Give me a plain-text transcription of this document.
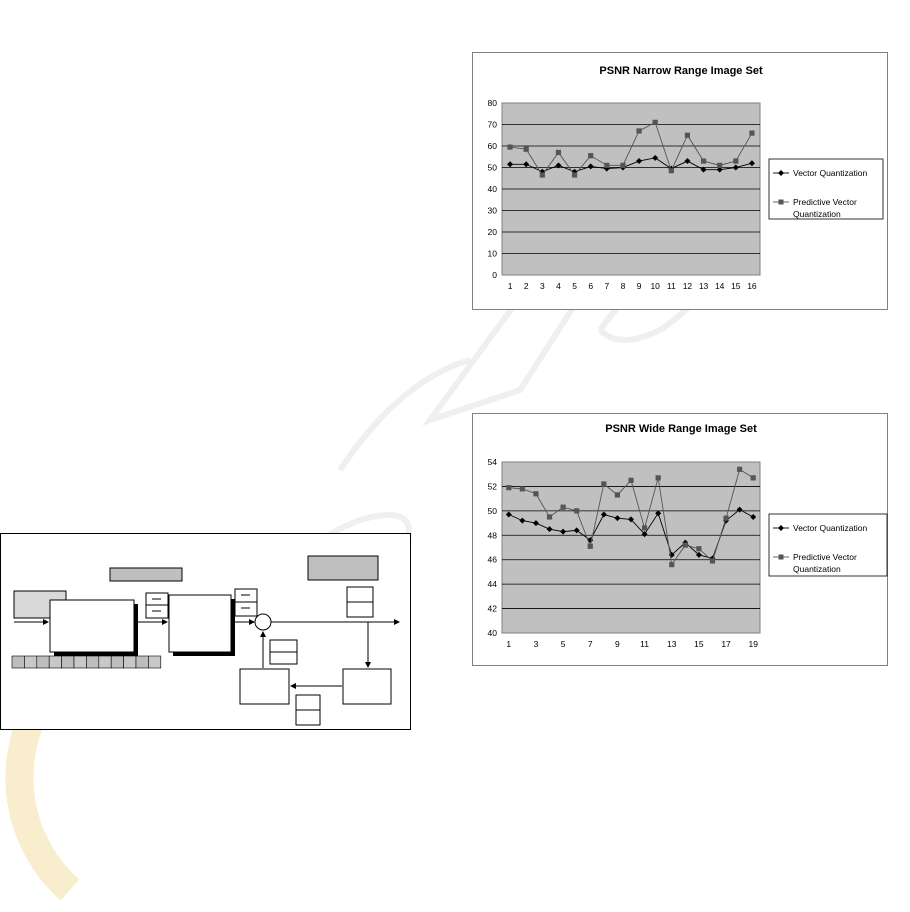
PSNR Narrow Range Image Set
0
10
20
30
40
50
60
70
80
1 2 3 4 5 6 7 8 9 10 11 12 13 14 15 16
Vector Quantization
Predictive Vector Quantization
PSNR Wide Range Image Set
40
42
44
46
48
50
52
54
1	3	5	7	9 11 13 15 17 19
Vector Quantization
Predictive Vector Quantization
